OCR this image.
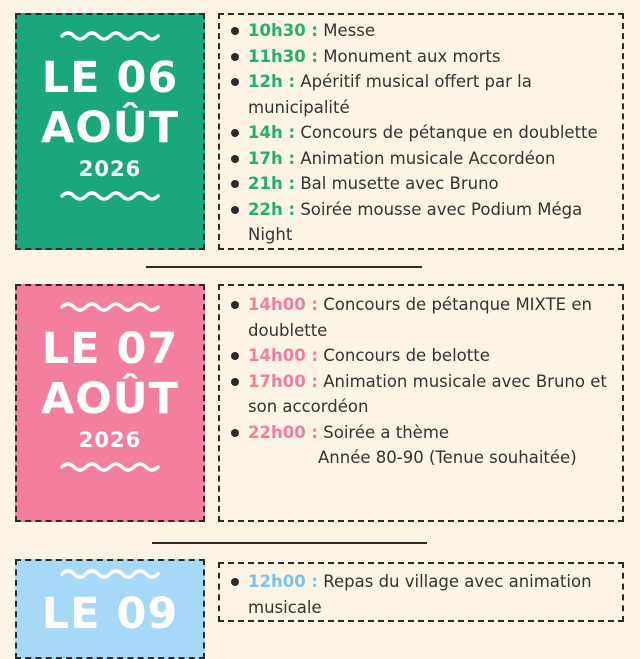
LE 06
AOÛT
2026
10h30 : Messe
11h30 : Monument aux morts
12h : Apéritif musical offert par la municipalité
14h : Concours de pétanque en doublette
17h : Animation musicale Accordéon
21h : Bal musette avec Bruno
22h : Soirée mousse avec Podium Méga Night
LE 07
AOÛT
2026
14h00 : Concours de pétanque MIXTE en doublette
14h00 : Concours de belotte
17h00 : Animation musicale avec Bruno et son accordéon
22h00 : Soirée a thème
Année 80-90 (Tenue souhaitée)
LE 09
12h00 : Repas du village avec animation musicale
